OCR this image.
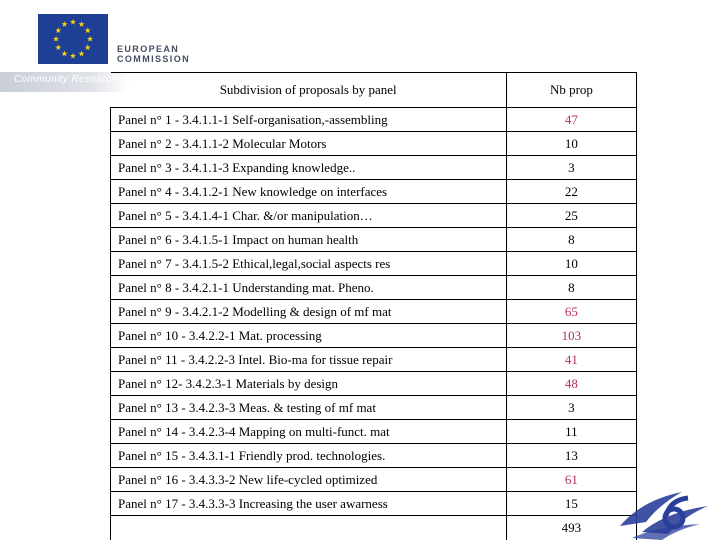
EUROPEAN
COMMISSION
Community Research
Subdivision of proposals by panel	Nb prop
Panel n° 1 - 3.4.1.1-1 Self-organisation,-assembling	47
Panel n° 2 - 3.4.1.1-2 Molecular Motors	10
Panel n° 3 - 3.4.1.1-3 Expanding knowledge..	3
Panel n° 4 - 3.4.1.2-1 New knowledge on interfaces	22
Panel n° 5 - 3.4.1.4-1 Char. &/or manipulation…	25
Panel n° 6 - 3.4.1.5-1 Impact on human health	8
Panel n° 7 - 3.4.1.5-2 Ethical,legal,social aspects res	10
Panel n° 8 - 3.4.2.1-1 Understanding mat. Pheno.	8
Panel n° 9 - 3.4.2.1-2 Modelling & design of mf mat	65
Panel n° 10 - 3.4.2.2-1 Mat. processing	103
Panel n° 11 - 3.4.2.2-3 Intel. Bio-ma for tissue repair	41
Panel n° 12- 3.4.2.3-1 Materials by design	48
Panel n° 13 - 3.4.2.3-3 Meas. & testing of mf mat	3
Panel n° 14 - 3.4.2.3-4 Mapping on multi-funct. mat	11
Panel n° 15 - 3.4.3.1-1 Friendly prod. technologies.	13
Panel n° 16 - 3.4.3.3-2 New life-cycled optimized	61
Panel n° 17 - 3.4.3.3-3 Increasing the user awarness	15
	493
